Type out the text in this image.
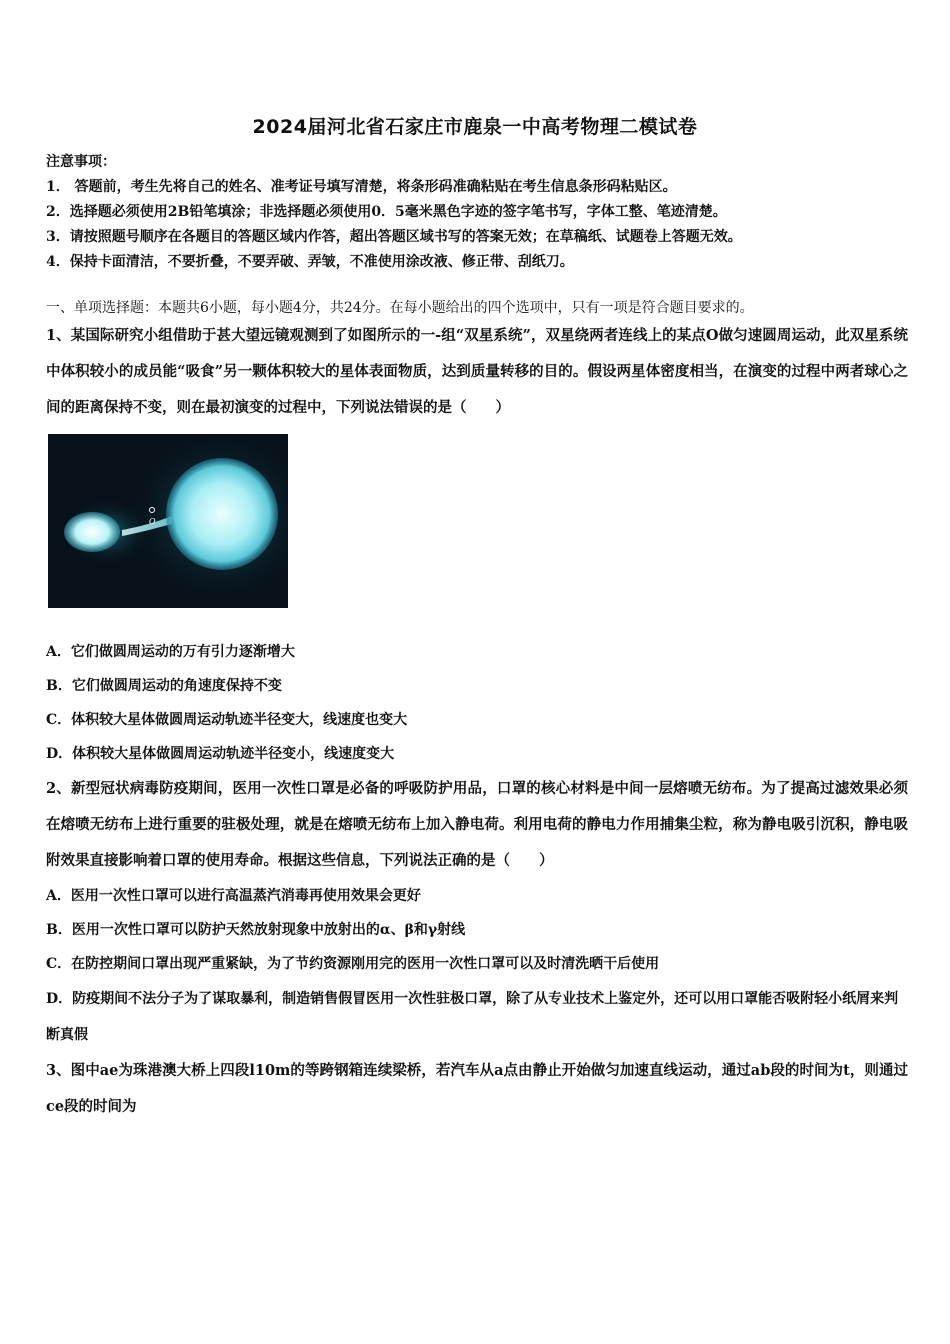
2024届河北省石家庄市鹿泉一中高考物理二模试卷
注意事项：
1． 答题前，考生先将自己的姓名、准考证号填写清楚，将条形码准确粘贴在考生信息条形码粘贴区。
2．选择题必须使用2B铅笔填涂；非选择题必须使用0．5毫米黑色字迹的签字笔书写，字体工整、笔迹清楚。
3．请按照题号顺序在各题目的答题区域内作答，超出答题区域书写的答案无效；在草稿纸、试题卷上答题无效。
4．保持卡面清洁，不要折叠，不要弄破、弄皱，不准使用涂改液、修正带、刮纸刀。
一、单项选择题：本题共6小题，每小题4分，共24分。在每小题给出的四个选项中，只有一项是符合题目要求的。
1、某国际研究小组借助于甚大望远镜观测到了如图所示的一-组“双星系统”，双星绕两者连线上的某点O做匀速圆周运动，此双星系统中体积较小的成员能“吸食”另一颗体积较大的星体表面物质，达到质量转移的目的。假设两星体密度相当，在演变的过程中两者球心之间的距离保持不变，则在最初演变的过程中，下列说法错误的是（　　）
O
A．它们做圆周运动的万有引力逐渐增大
B．它们做圆周运动的角速度保持不变
C．体积较大星体做圆周运动轨迹半径变大，线速度也变大
D．体积较大星体做圆周运动轨迹半径变小，线速度变大
2、新型冠状病毒防疫期间，医用一次性口罩是必备的呼吸防护用品，口罩的核心材料是中间一层熔喷无纺布。为了提高过滤效果必须在熔喷无纺布上进行重要的驻极处理，就是在熔喷无纺布上加入静电荷。利用电荷的静电力作用捕集尘粒，称为静电吸引沉积，静电吸附效果直接影响着口罩的使用寿命。根据这些信息，下列说法正确的是（　　）
A．医用一次性口罩可以进行高温蒸汽消毒再使用效果会更好
B．医用一次性口罩可以防护天然放射现象中放射出的α、β和γ射线
C．在防控期间口罩出现严重紧缺，为了节约资源刚用完的医用一次性口罩可以及时清洗晒干后使用
D．防疫期间不法分子为了谋取暴利，制造销售假冒医用一次性驻极口罩，除了从专业技术上鉴定外，还可以用口罩能否吸附轻小纸屑来判断真假
3、图中ae为珠港澳大桥上四段l10m的等跨钢箱连续梁桥，若汽车从a点由静止开始做匀加速直线运动，通过ab段的时间为t，则通过ce段的时间为
